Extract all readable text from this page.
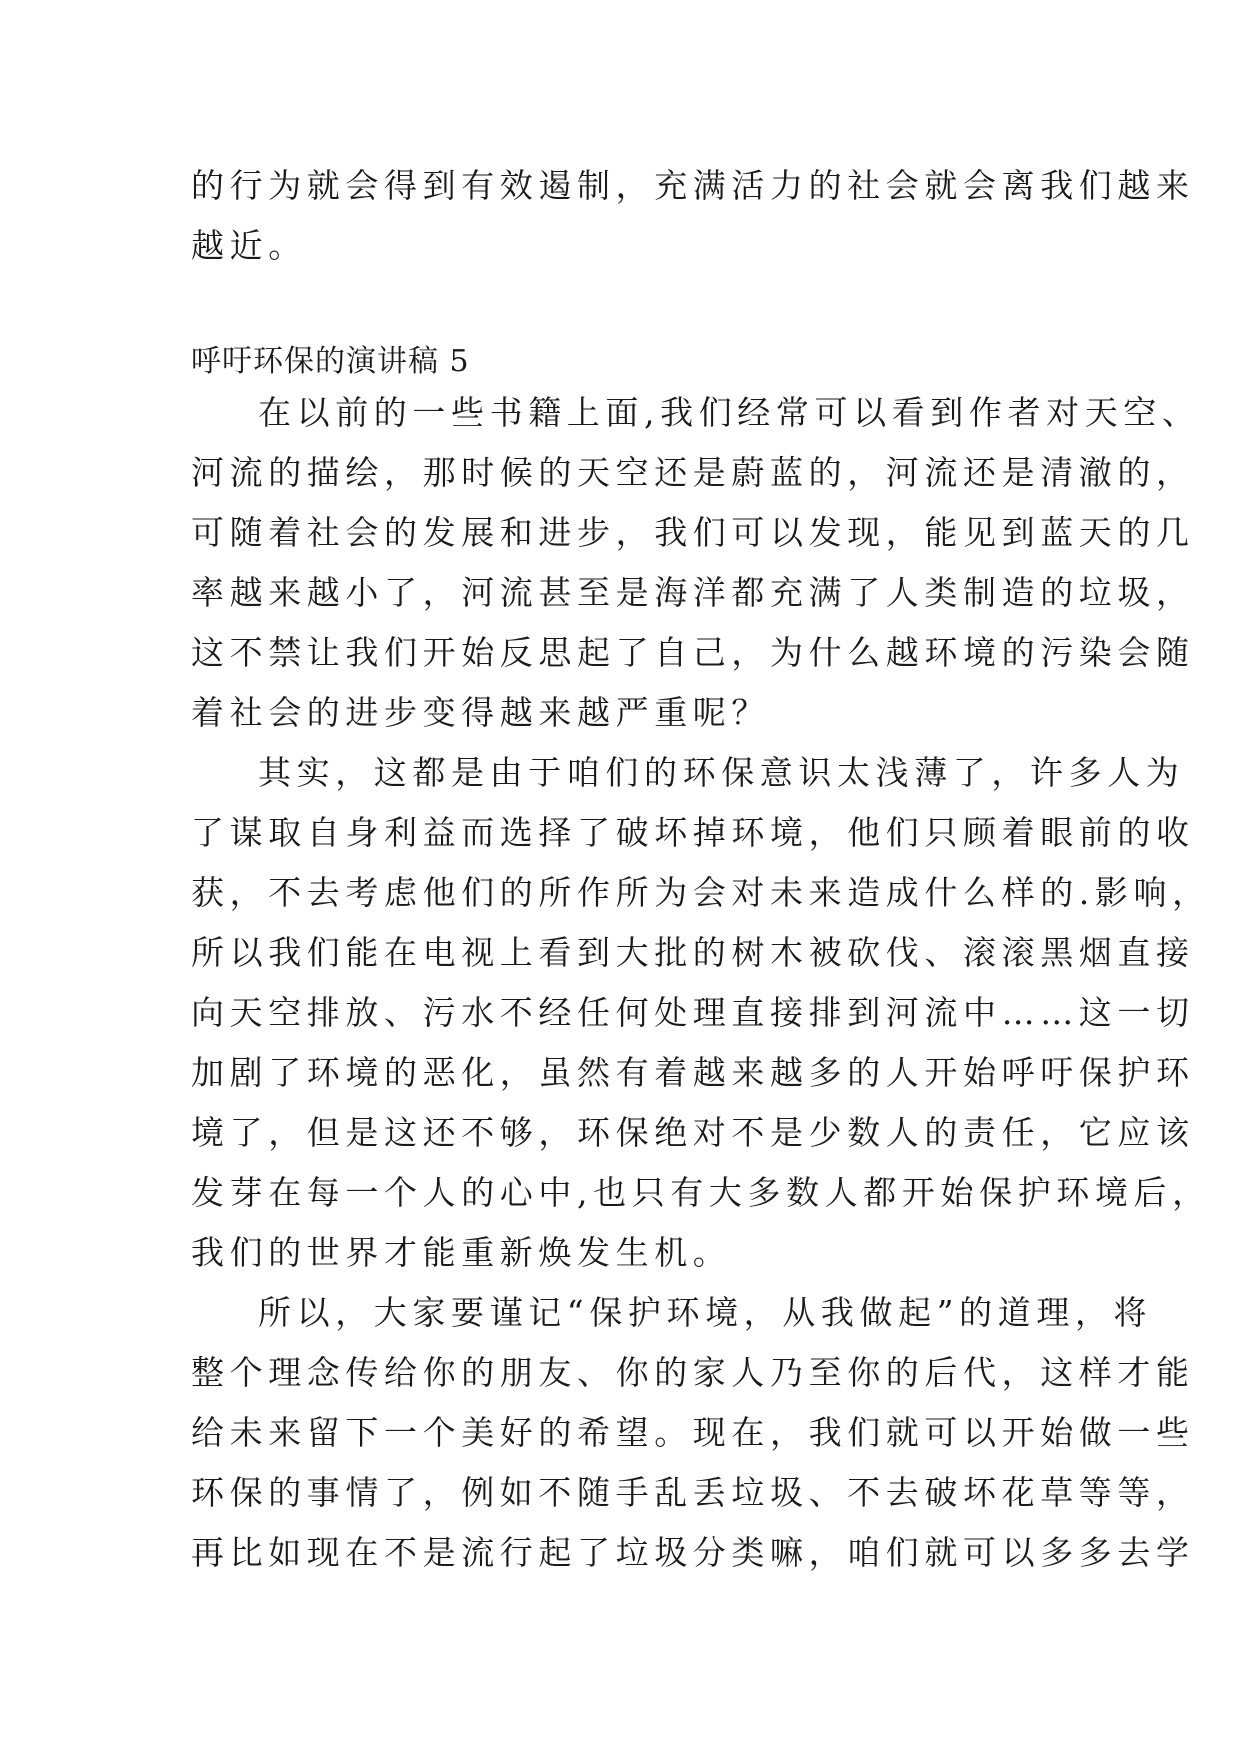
的行为就会得到有效遏制，充满活力的社会就会离我们越来
越近。
呼吁环保的演讲稿 5
在以前的一些书籍上面,我们经常可以看到作者对天空、
河流的描绘，那时候的天空还是蔚蓝的，河流还是清澈的，
可随着社会的发展和进步，我们可以发现，能见到蓝天的几
率越来越小了，河流甚至是海洋都充满了人类制造的垃圾，
这不禁让我们开始反思起了自己，为什么越环境的污染会随
着社会的进步变得越来越严重呢？
其实，这都是由于咱们的环保意识太浅薄了，许多人为
了谋取自身利益而选择了破坏掉环境，他们只顾着眼前的收
获，不去考虑他们的所作所为会对未来造成什么样的.影响，
所以我们能在电视上看到大批的树木被砍伐、滚滚黑烟直接
向天空排放、污水不经任何处理直接排到河流中……这一切
加剧了环境的恶化，虽然有着越来越多的人开始呼吁保护环
境了，但是这还不够，环保绝对不是少数人的责任，它应该
发芽在每一个人的心中,也只有大多数人都开始保护环境后，
我们的世界才能重新焕发生机。
所以，大家要谨记“保护环境，从我做起”的道理，将
整个理念传给你的朋友、你的家人乃至你的后代，这样才能
给未来留下一个美好的希望。现在，我们就可以开始做一些
环保的事情了，例如不随手乱丢垃圾、不去破坏花草等等，
再比如现在不是流行起了垃圾分类嘛，咱们就可以多多去学
